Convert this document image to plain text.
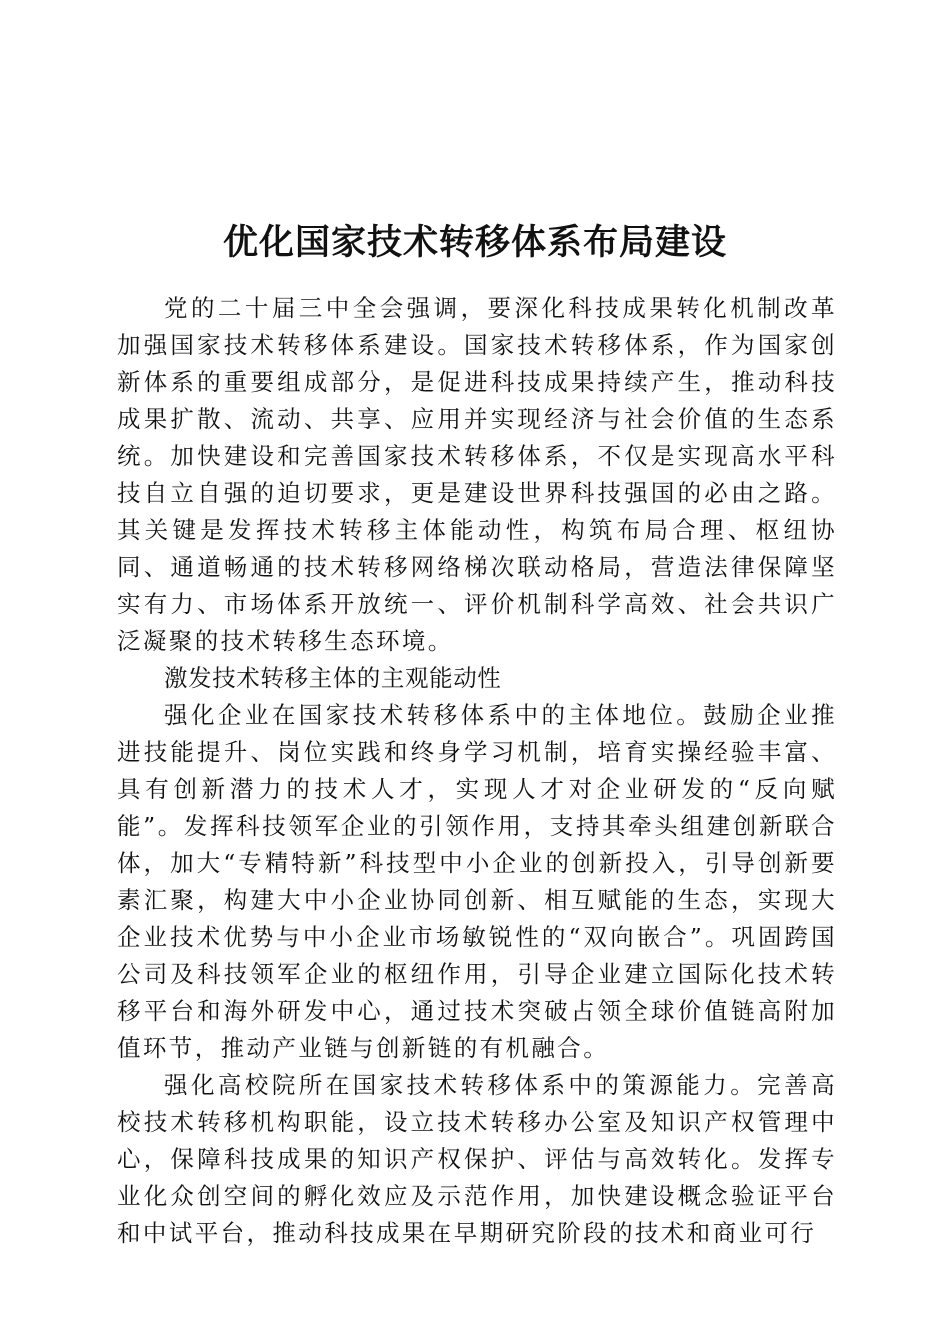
优化国家技术转移体系布局建设

党的二十届三中全会强调，要深化科技成果转化机制改革加强国家技术转移体系建设。国家技术转移体系，作为国家创新体系的重要组成部分，是促进科技成果持续产生，推动科技成果扩散、流动、共享、应用并实现经济与社会价值的生态系统。加快建设和完善国家技术转移体系，不仅是实现高水平科技自立自强的迫切要求，更是建设世界科技强国的必由之路。其关键是发挥技术转移主体能动性，构筑布局合理、枢纽协同、通道畅通的技术转移网络梯次联动格局，营造法律保障坚实有力、市场体系开放统一、评价机制科学高效、社会共识广泛凝聚的技术转移生态环境。

激发技术转移主体的主观能动性

强化企业在国家技术转移体系中的主体地位。鼓励企业推进技能提升、岗位实践和终身学习机制，培育实操经验丰富、具有创新潜力的技术人才，实现人才对企业研发的“反向赋能”。发挥科技领军企业的引领作用，支持其牵头组建创新联合体，加大“专精特新”科技型中小企业的创新投入，引导创新要素汇聚，构建大中小企业协同创新、相互赋能的生态，实现大企业技术优势与中小企业市场敏锐性的“双向嵌合”。巩固跨国公司及科技领军企业的枢纽作用，引导企业建立国际化技术转移平台和海外研发中心，通过技术突破占领全球价值链高附加值环节，推动产业链与创新链的有机融合。

强化高校院所在国家技术转移体系中的策源能力。完善高校技术转移机构职能，设立技术转移办公室及知识产权管理中心，保障科技成果的知识产权保护、评估与高效转化。发挥专业化众创空间的孵化效应及示范作用，加快建设概念验证平台和中试平台，推动科技成果在早期研究阶段的技术和商业可行
